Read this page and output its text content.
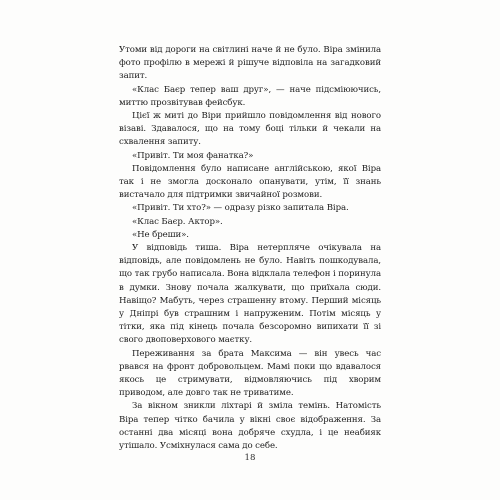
Утоми від дороги на світлині наче й не було. Віра змінила фото профілю в мережі й рішуче відповіла на загадковий запит.

«Клас Баєр тепер ваш друг», — наче підсміюючись, миттю прозвітував фейсбук.

Цієї ж миті до Віри прийшло повідомлення від нового візаві. Здавалося, що на тому боці тільки й чекали на схвалення запиту.

«Привіт. Ти моя фанатка?»

Повідомлення було написане англійською, якої Віра так і не змогла досконало опанувати, утім, її знань вистачало для підтримки звичайної розмови.

«Привіт. Ти хто?» — одразу різко запитала Віра.

«Клас Баєр. Актор».

«Не бреши».

У відповідь тиша. Віра нетерпляче очікувала на відповідь, але повідомлень не було. Навіть пошкодувала, що так грубо написала. Вона відклала телефон і поринула в думки. Знову почала жалкувати, що приїхала сюди. Навіщо? Мабуть, через страшенну втому. Перший місяць у Дніпрі був страшним і напруженим. Потім місяць у тітки, яка під кінець почала безсоромно випихати її зі свого двоповерхового маєтку.

Переживання за брата Максима — він увесь час рвався на фронт добровольцем. Мамі поки що вдавалося якось це стримувати, відмовляючись під хворим приводом, але довго так не триватиме.

За вікном зникли ліхтарі й зміла темінь. Натомість Віра тепер чітко бачила у вікні своє відображення. За останні два місяці вона добряче схудла, і це неабияк утішало. Усміхнулася сама до себе.

18
